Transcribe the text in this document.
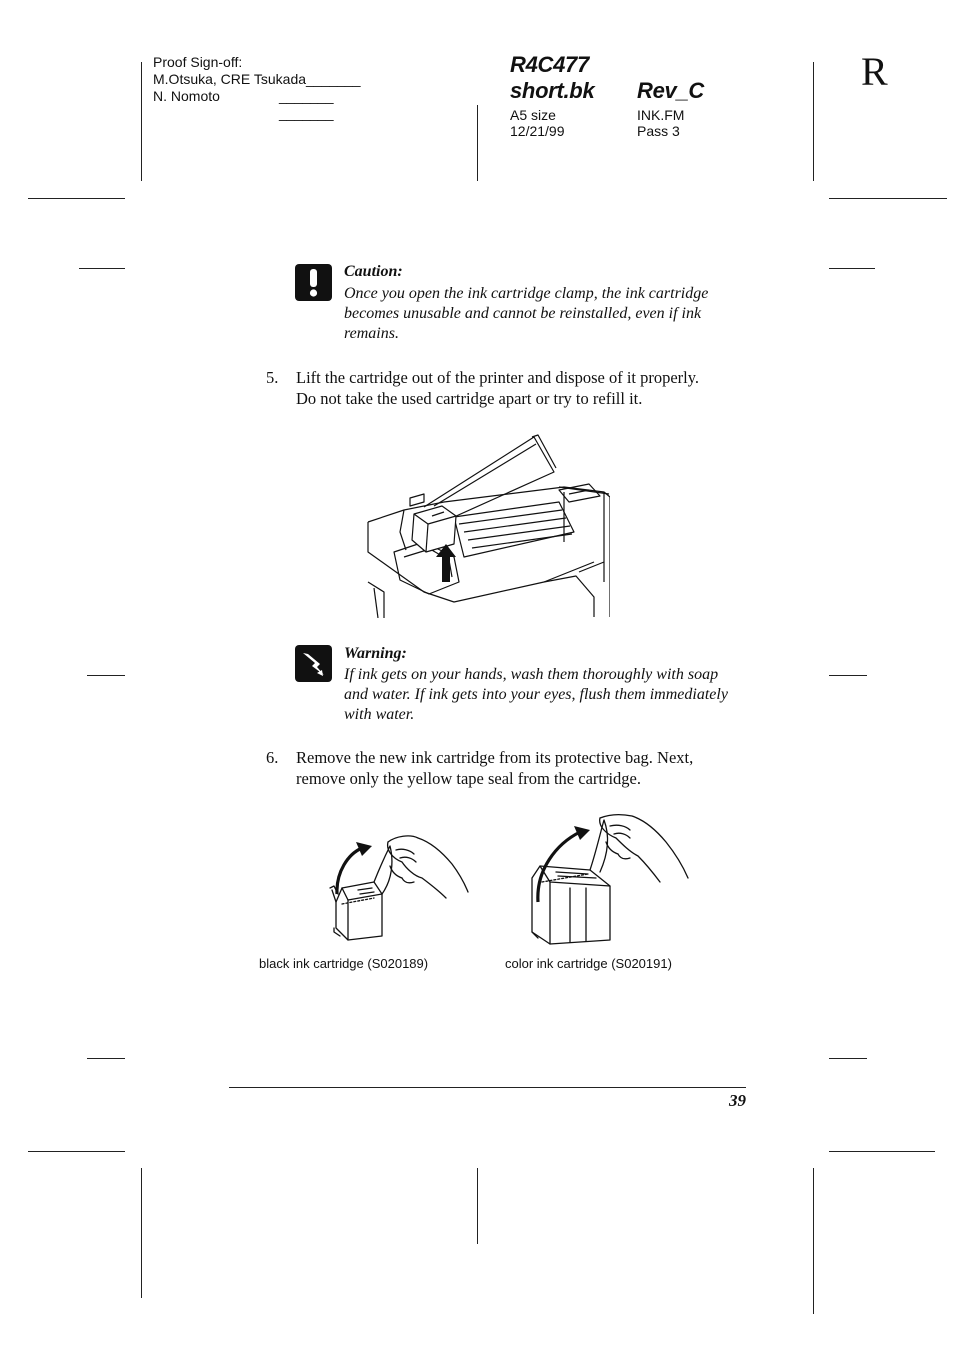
Proof Sign-off:
M.Otsuka, CRE Tsukada_______
N. Nomoto	_______
_______
R4C477
short.bk Rev_C
A5 size
12/21/99
INK.FM
Pass 3
R
Caution:
Once you open the ink cartridge clamp, the ink cartridge
becomes unusable and cannot be reinstalled, even if ink
remains.
5. Lift the cartridge out of the printer and dispose of it properly.
Do not take the used cartridge apart or try to refill it.
Warning:
If ink gets on your hands, wash them thoroughly with soap
and water. If ink gets into your eyes, flush them immediately
with water.
6. Remove the new ink cartridge from its protective bag. Next,
remove only the yellow tape seal from the cartridge.
black ink cartridge (S020189)	color ink cartridge (S020191)
39
